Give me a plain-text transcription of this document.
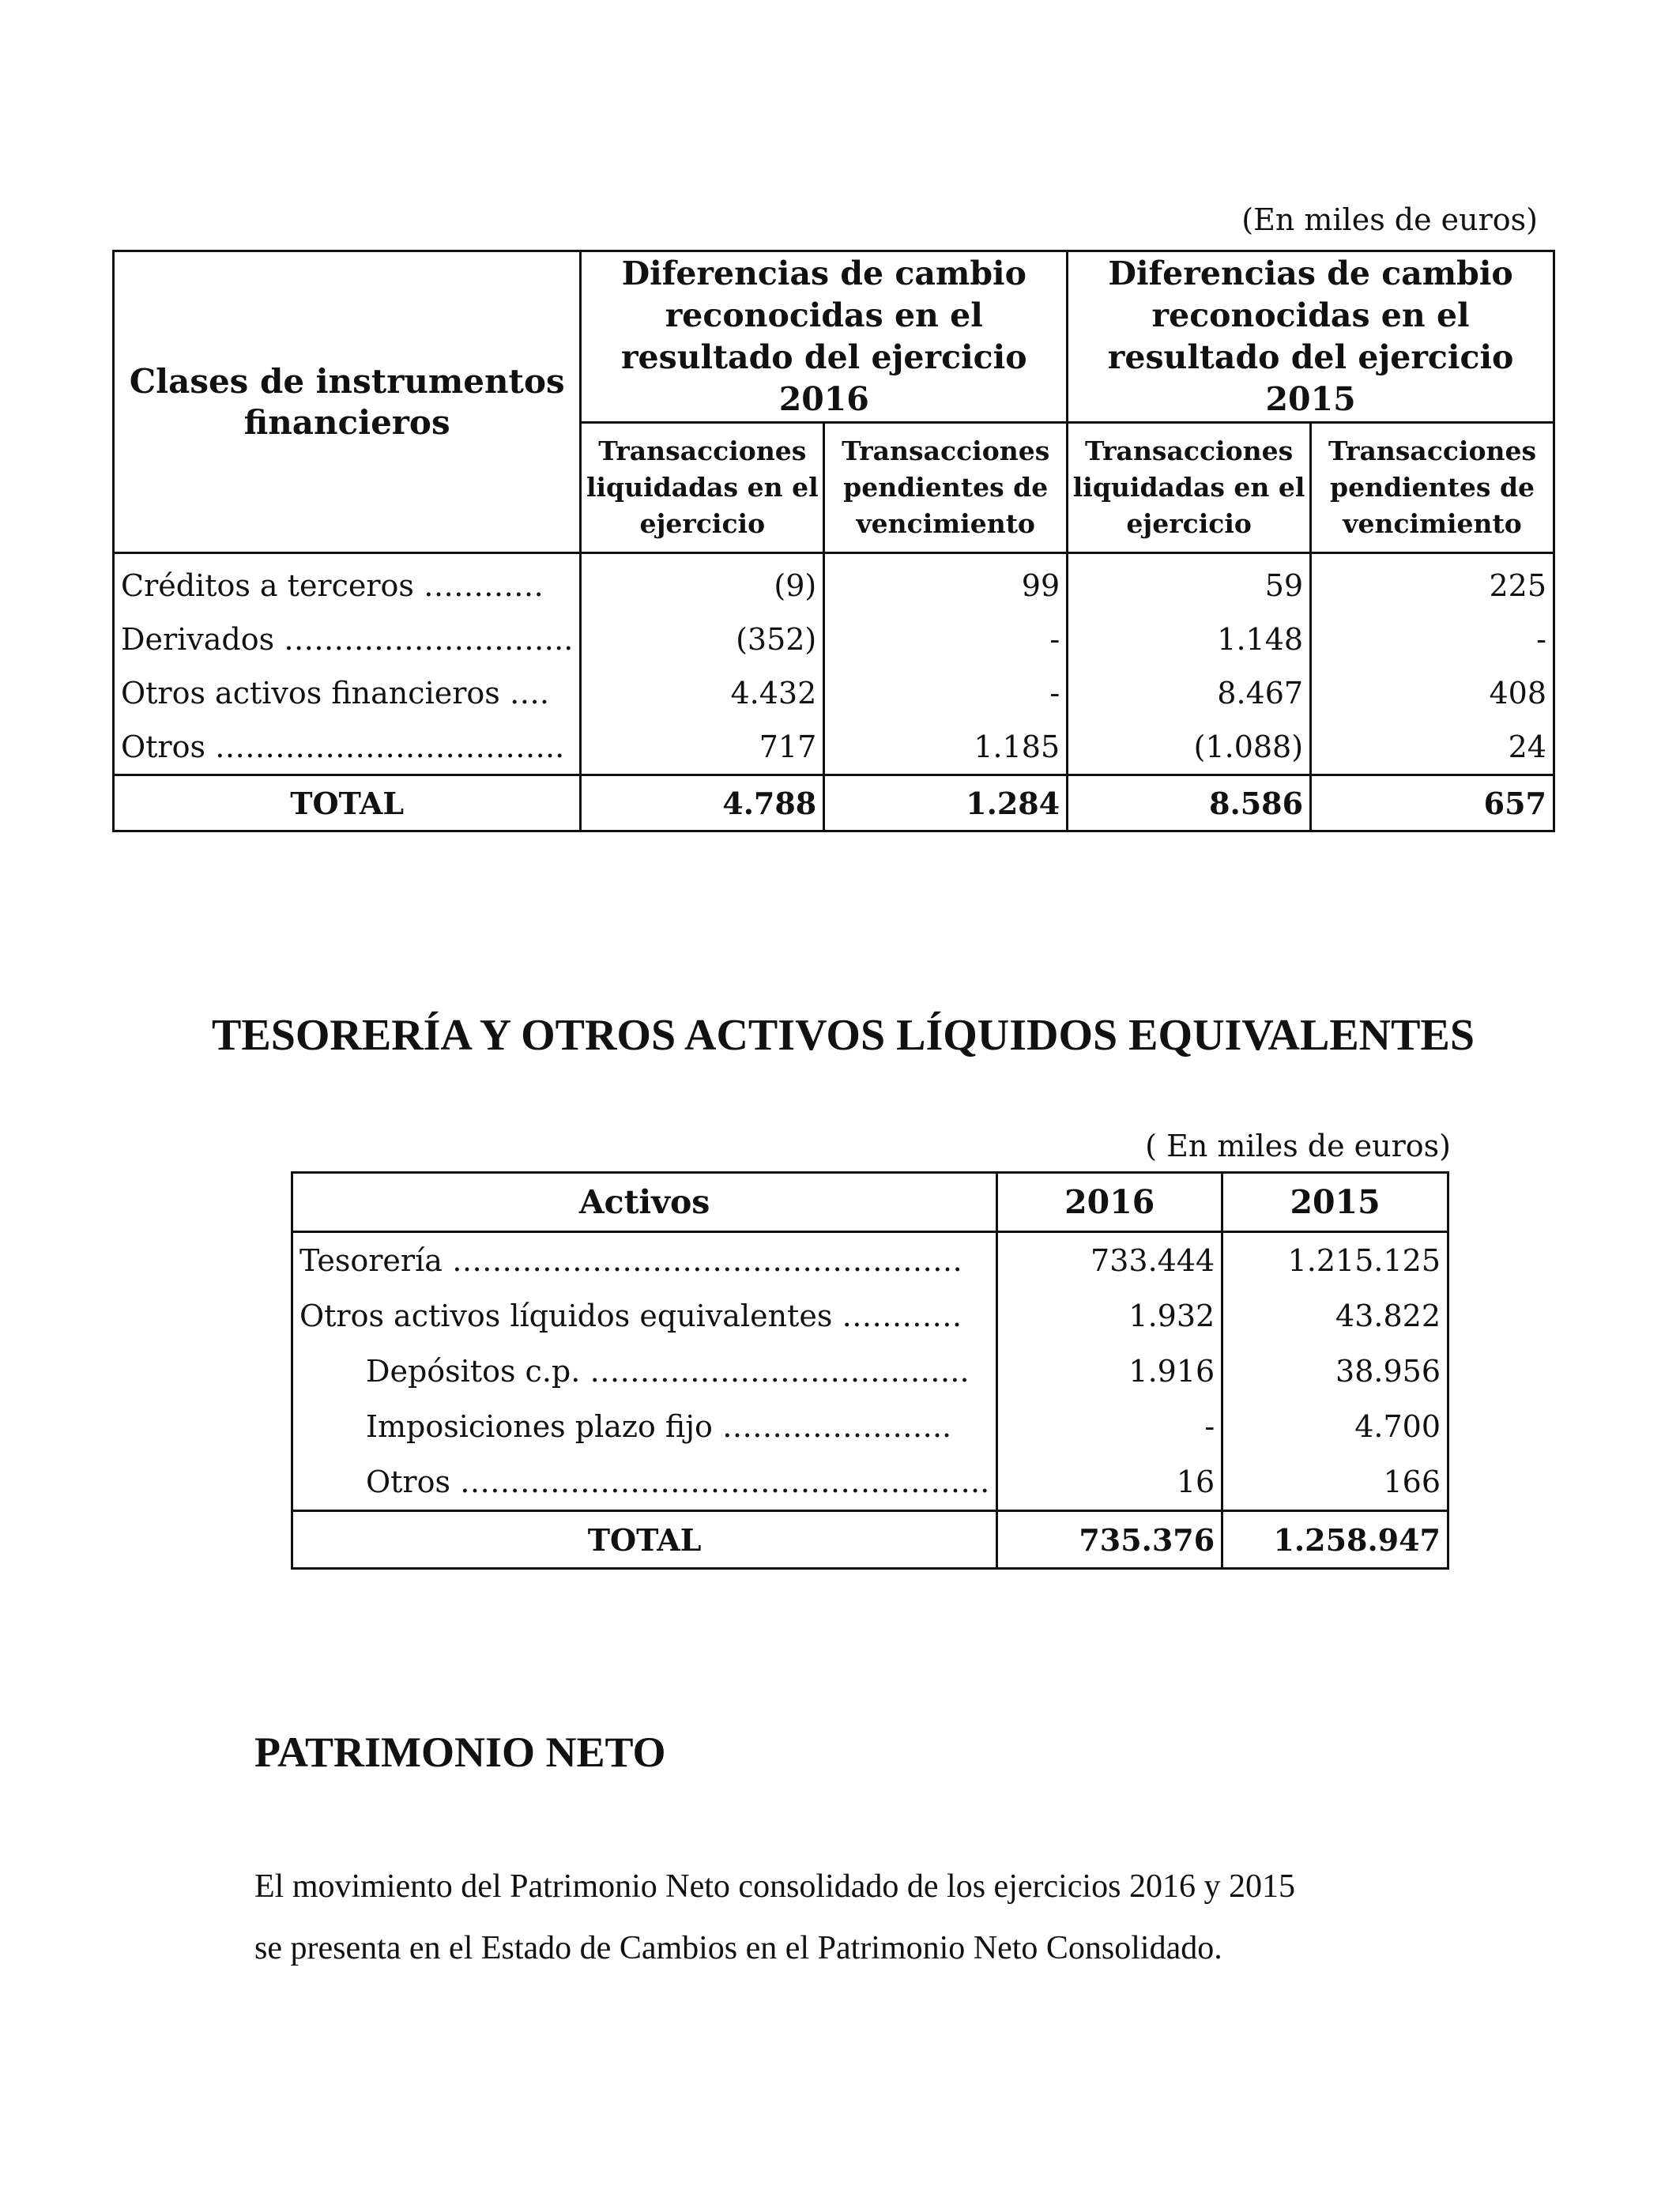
(En miles de euros)
Clases de instrumentos financieros	Diferencias de cambio reconocidas en el resultado del ejercicio 2016		Diferencias de cambio reconocidas en el resultado del ejercicio 2015	
	Transacciones liquidadas en el ejercicio	Transacciones pendientes de vencimiento	Transacciones liquidadas en el ejercicio	Transacciones pendientes de vencimiento
Créditos a terceros …………	(9)	99	59	225
Derivados ………………………..	(352)	-	1.148	-
Otros activos financieros ….	4.432	-	8.467	408
Otros ……………………………..	717	1.185	(1.088)	24
TOTAL	4.788	1.284	8.586	657
TESORERÍA Y OTROS ACTIVOS LÍQUIDOS EQUIVALENTES
( En miles de euros)
Activos	2016	2015
Tesorería ……………………………………………	733.444	1.215.125
Otros activos líquidos equivalentes …………	1.932	43.822
Depósitos c.p. ………………………………..	1.916	38.956
Imposiciones plazo fijo …………………..	-	4.700
Otros ……………………………………………..	16	166
TOTAL	735.376	1.258.947
PATRIMONIO NETO
El movimiento del Patrimonio Neto consolidado de los ejercicios 2016 y 2015
se presenta en el Estado de Cambios en el Patrimonio Neto Consolidado.
